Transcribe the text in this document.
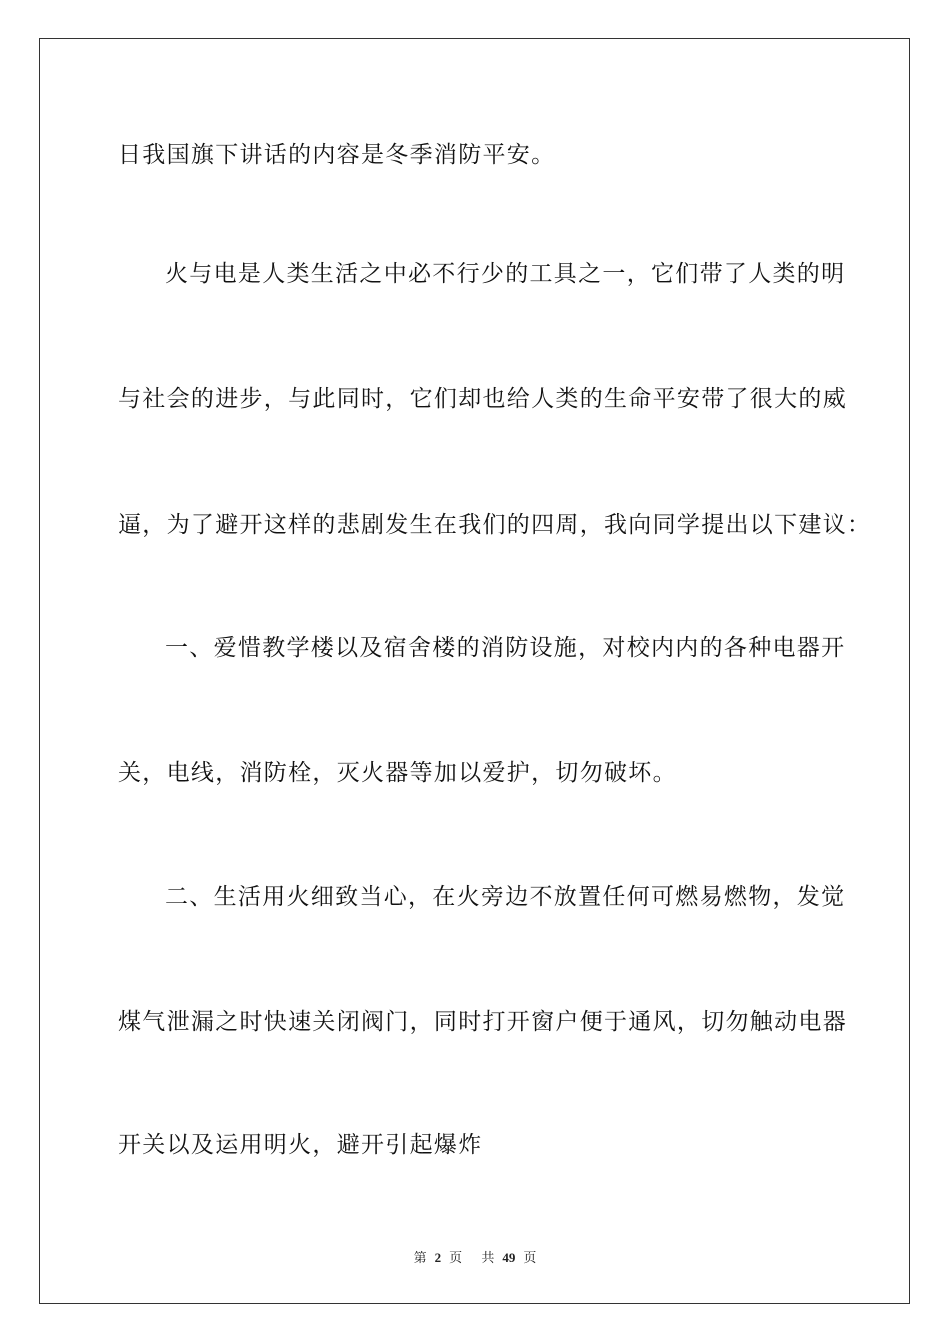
日我国旗下讲话的内容是冬季消防平安。
火与电是人类生活之中必不行少的工具之一，它们带了人类的明
与社会的进步，与此同时，它们却也给人类的生命平安带了很大的威
逼，为了避开这样的悲剧发生在我们的四周，我向同学提出以下建议：
一、爱惜教学楼以及宿舍楼的消防设施，对校内内的各种电器开
关，电线，消防栓，灭火器等加以爱护，切勿破坏。
二、生活用火细致当心，在火旁边不放置任何可燃易燃物，发觉
煤气泄漏之时快速关闭阀门，同时打开窗户便于通风，切勿触动电器
开关以及运用明火，避开引起爆炸
第 2 页 共 49 页
